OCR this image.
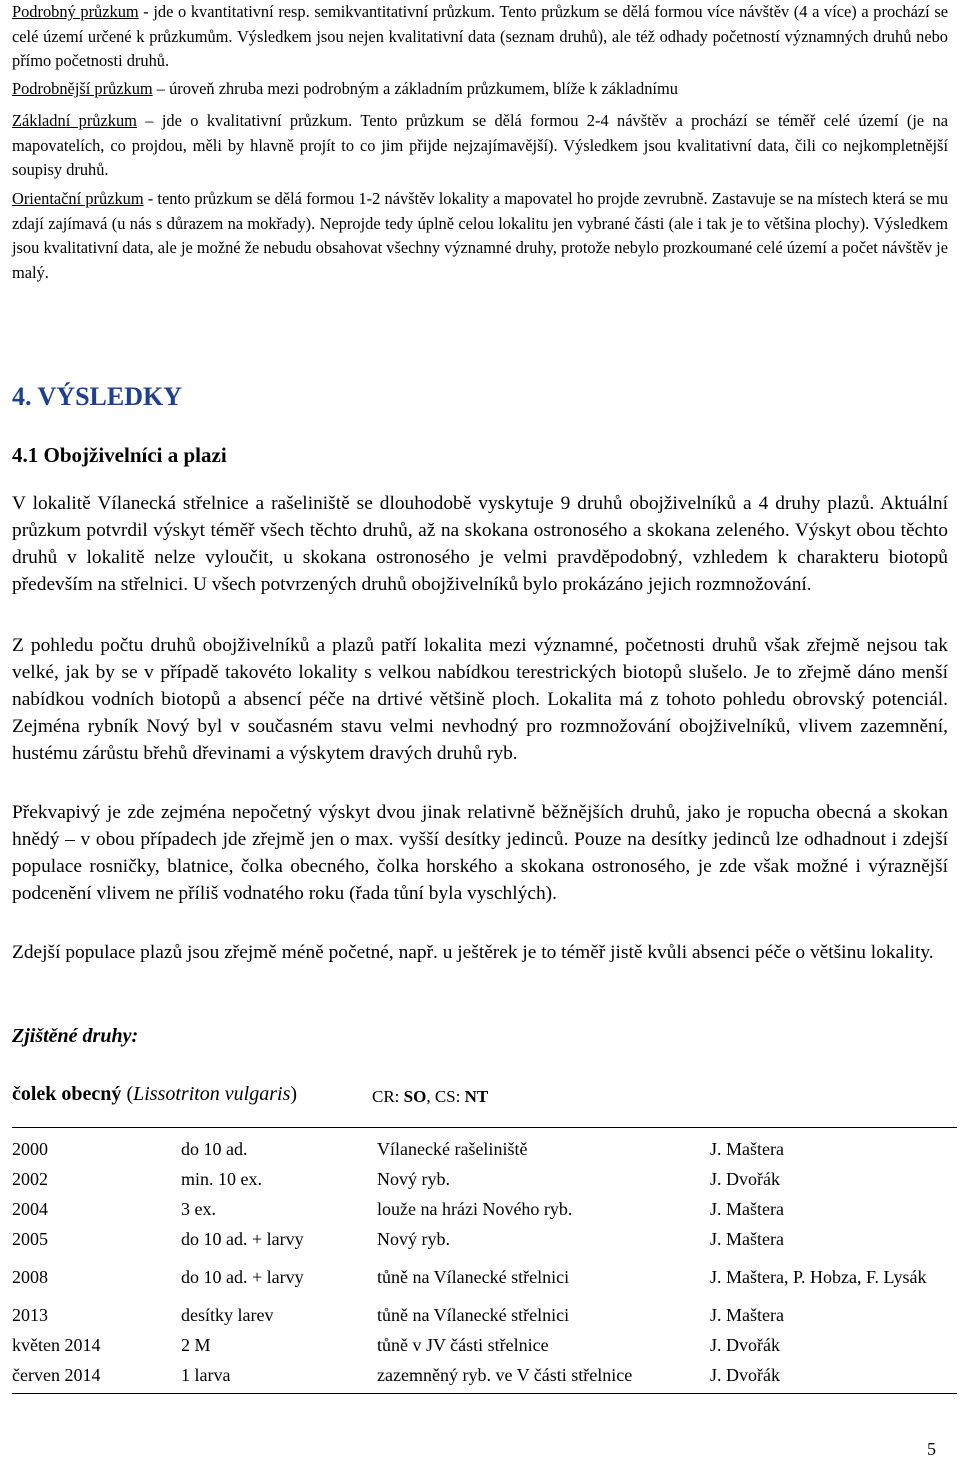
Podrobný průzkum - jde o kvantitativní resp. semikvantitativní průzkum. Tento průzkum se dělá formou více návštěv (4 a více) a prochází se celé území určené k průzkumům. Výsledkem jsou nejen kvalitativní data (seznam druhů), ale též odhady početností významných druhů nebo přímo početnosti druhů.

Podrobnější průzkum – úroveň zhruba mezi podrobným a základním průzkumem, blíže k základnímu

Základní průzkum – jde o kvalitativní průzkum. Tento průzkum se dělá formou 2-4 návštěv a prochází se téměř celé území (je na mapovatelích, co projdou, měli by hlavně projít to co jim přijde nejzajímavější). Výsledkem jsou kvalitativní data, čili co nejkompletnější soupisy druhů.

Orientační průzkum - tento průzkum se dělá formou 1-2 návštěv lokality a mapovatel ho projde zevrubně. Zastavuje se na místech která se mu zdají zajímavá (u nás s důrazem na mokřady). Neprojde tedy úplně celou lokalitu jen vybrané části (ale i tak je to většina plochy). Výsledkem jsou kvalitativní data, ale je možné že nebudu obsahovat všechny významné druhy, protože nebylo prozkoumané celé území a počet návštěv je malý.

4. VÝSLEDKY
4.1 Obojživelníci a plazi

V lokalitě Vílanecká střelnice a rašeliniště se dlouhodobě vyskytuje 9 druhů obojživelníků a 4 druhy plazů. Aktuální průzkum potvrdil výskyt téměř všech těchto druhů, až na skokana ostronosého a skokana zeleného. Výskyt obou těchto druhů v lokalitě nelze vyloučit, u skokana ostronosého je velmi pravděpodobný, vzhledem k charakteru biotopů především na střelnici. U všech potvrzených druhů obojživelníků bylo prokázáno jejich rozmnožování.

Z pohledu počtu druhů obojživelníků a plazů patří lokalita mezi významné, početnosti druhů však zřejmě nejsou tak velké, jak by se v případě takovéto lokality s velkou nabídkou terestrických biotopů slušelo. Je to zřejmě dáno menší nabídkou vodních biotopů a absencí péče na drtivé většině ploch. Lokalita má z tohoto pohledu obrovský potenciál. Zejména rybník Nový byl v současném stavu velmi nevhodný pro rozmnožování obojživelníků, vlivem zazemnění, hustému zárůstu břehů dřevinami a výskytem dravých druhů ryb.

Překvapivý je zde zejména nepočetný výskyt dvou jinak relativně běžnějších druhů, jako je ropucha obecná a skokan hnědý – v obou případech jde zřejmě jen o max. vyšší desítky jedinců. Pouze na desítky jedinců lze odhadnout i zdejší populace rosničky, blatnice, čolka obecného, čolka horského a skokana ostronosého, je zde však možné i výraznější podcenění vlivem ne příliš vodnatého roku (řada tůní byla vyschlých).

Zdejší populace plazů jsou zřejmě méně početné, např. u ještěrek je to téměř jistě kvůli absenci péče o většinu lokality.

Zjištěné druhy:
čolek obecný (Lissotriton vulgaris)	CR: SO, CS: NT
2000	do 10 ad.	Vílanecké rašeliniště	J. Maštera
2002	min. 10 ex.	Nový ryb.	J. Dvořák
2004	3 ex.	louže na hrázi Nového ryb.	J. Maštera
2005	do 10 ad. + larvy	Nový ryb.	J. Maštera
2008	do 10 ad. + larvy	tůně na Vílanecké střelnici	J. Maštera, P. Hobza, F. Lysák
2013	desítky larev	tůně na Vílanecké střelnici	J. Maštera
květen 2014	2 M	tůně v JV části střelnice	J. Dvořák
červen 2014	1 larva	zazemněný ryb. ve V části střelnice	J. Dvořák
5
